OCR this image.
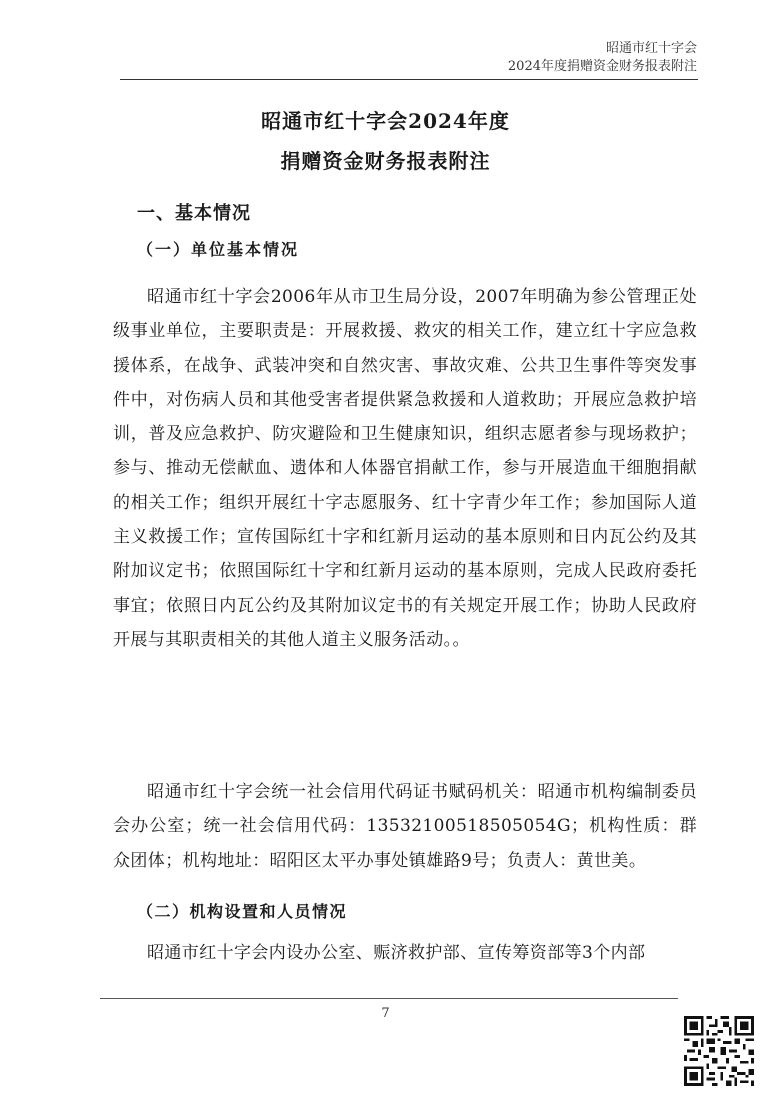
昭通市红十字会
2024年度捐赠资金财务报表附注
昭通市红十字会2024年度
捐赠资金财务报表附注
一、基本情况
（一）单位基本情况

昭通市红十字会2006年从市卫生局分设，2007年明确为参公管理正处级事业单位，主要职责是：开展救援、救灾的相关工作，建立红十字应急救援体系，在战争、武装冲突和自然灾害、事故灾难、公共卫生事件等突发事件中，对伤病人员和其他受害者提供紧急救援和人道救助；开展应急救护培训，普及应急救护、防灾避险和卫生健康知识，组织志愿者参与现场救护；参与、推动无偿献血、遗体和人体器官捐献工作，参与开展造血干细胞捐献的相关工作；组织开展红十字志愿服务、红十字青少年工作；参加国际人道主义救援工作；宣传国际红十字和红新月运动的基本原则和日内瓦公约及其附加议定书；依照国际红十字和红新月运动的基本原则，完成人民政府委托事宜；依照日内瓦公约及其附加议定书的有关规定开展工作；协助人民政府开展与其职责相关的其他人道主义服务活动。。

昭通市红十字会统一社会信用代码证书赋码机关：昭通市机构编制委员会办公室；统一社会信用代码：13532100518505054G；机构性质：群众团体；机构地址：昭阳区太平办事处镇雄路9号；负责人：黄世美。

（二）机构设置和人员情况

昭通市红十字会内设办公室、赈济救护部、宣传筹资部等3个内部

7
